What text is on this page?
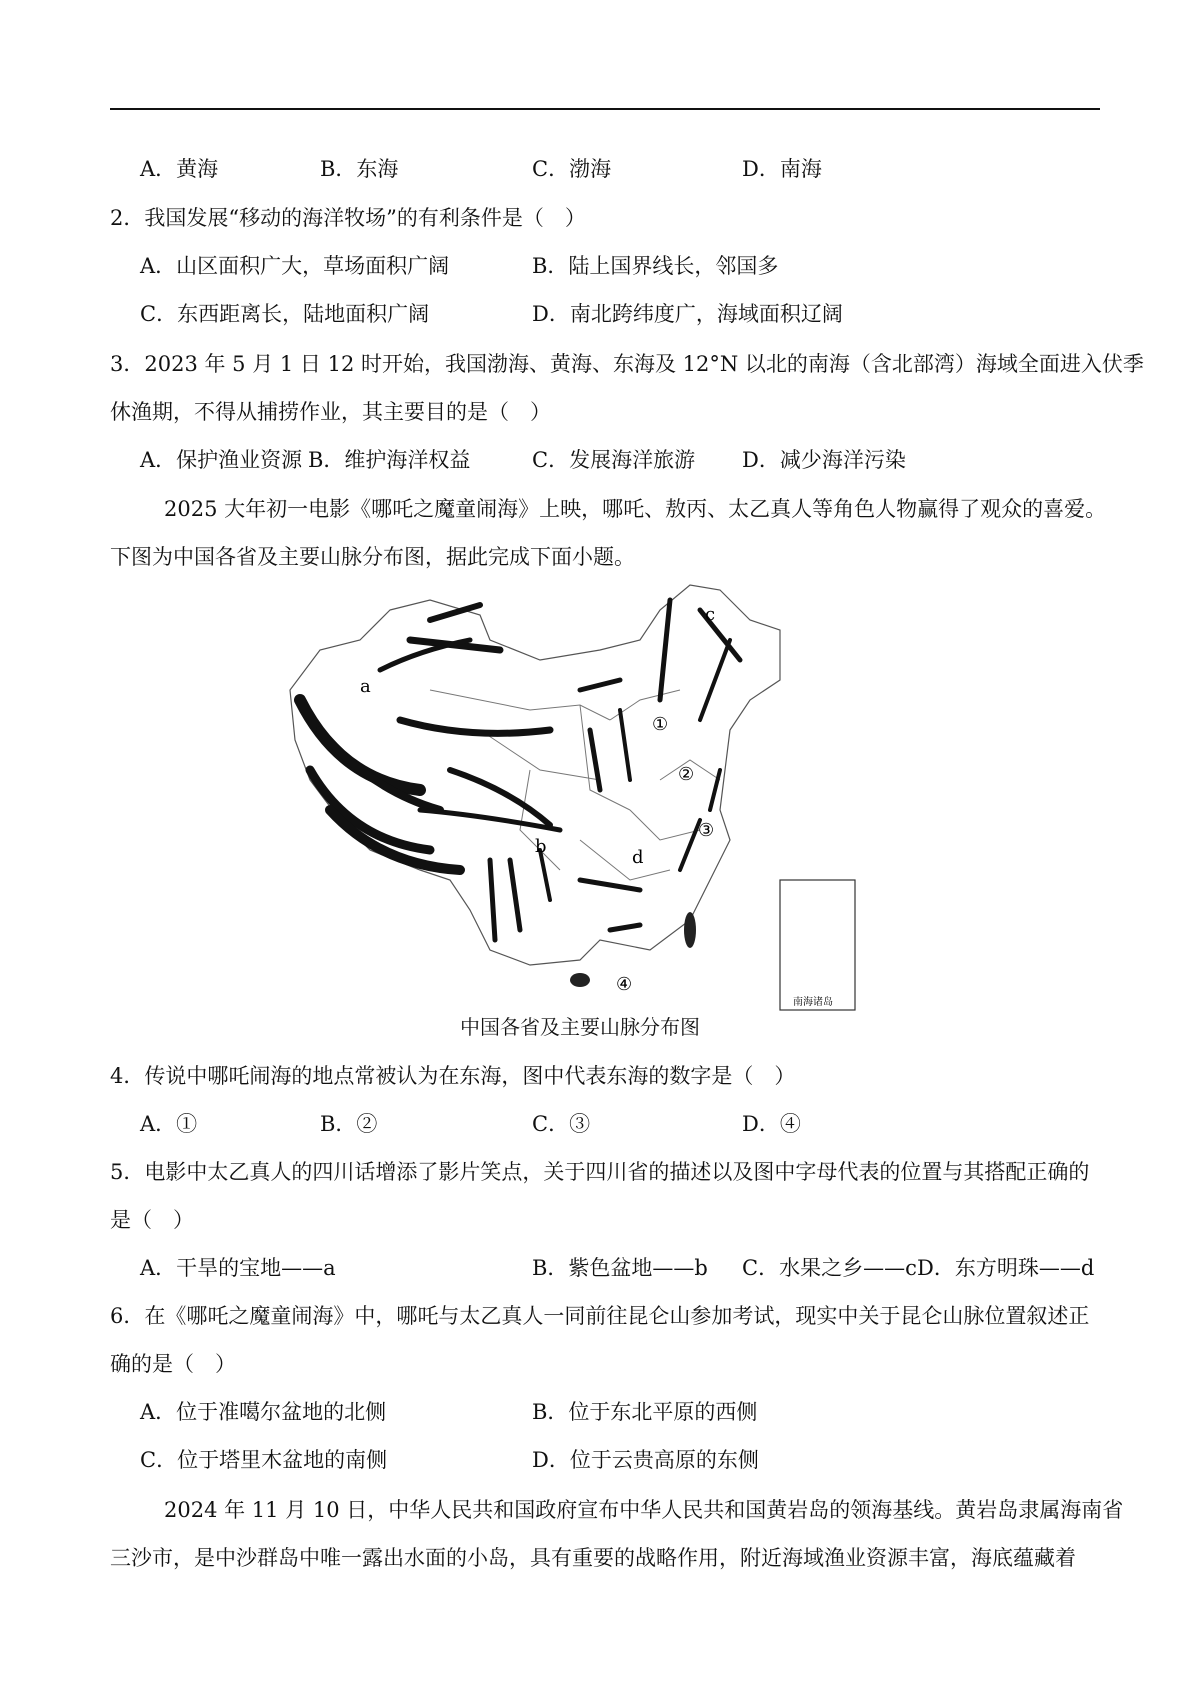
A．黄海	B．东海	C．渤海	D．南海
2．我国发展“移动的海洋牧场”的有利条件是（　）
A．山区面积广大，草场面积广阔	B．陆上国界线长，邻国多
C．东西距离长，陆地面积广阔	D．南北跨纬度广，海域面积辽阔
3．2023 年 5 月 1 日 12 时开始，我国渤海、黄海、东海及 12°N 以北的南海（含北部湾）海域全面进入伏季
休渔期，不得从捕捞作业，其主要目的是（　）
A．保护渔业资源 B．维护海洋权益	C．发展海洋旅游 D．减少海洋污染
2025 大年初一电影《哪吒之魔童闹海》上映，哪吒、敖丙、太乙真人等角色人物赢得了观众的喜爱。
下图为中国各省及主要山脉分布图，据此完成下面小题。
a
b
c
d
①
②
③
④
南海诸岛
中国各省及主要山脉分布图
4．传说中哪吒闹海的地点常被认为在东海，图中代表东海的数字是（　）
A．①	B．②	C．③	D．④
5．电影中太乙真人的四川话增添了影片笑点，关于四川省的描述以及图中字母代表的位置与其搭配正确的
是（　）
A．干旱的宝地——a	B．紫色盆地——b C．水果之乡——c D．东方明珠——d
6．在《哪吒之魔童闹海》中，哪吒与太乙真人一同前往昆仑山参加考试，现实中关于昆仑山脉位置叙述正
确的是（　）
A．位于准噶尔盆地的北侧	B．位于东北平原的西侧
C．位于塔里木盆地的南侧	D．位于云贵高原的东侧
2024 年 11 月 10 日，中华人民共和国政府宣布中华人民共和国黄岩岛的领海基线。黄岩岛隶属海南省
三沙市，是中沙群岛中唯一露出水面的小岛，具有重要的战略作用，附近海域渔业资源丰富，海底蕴藏着
